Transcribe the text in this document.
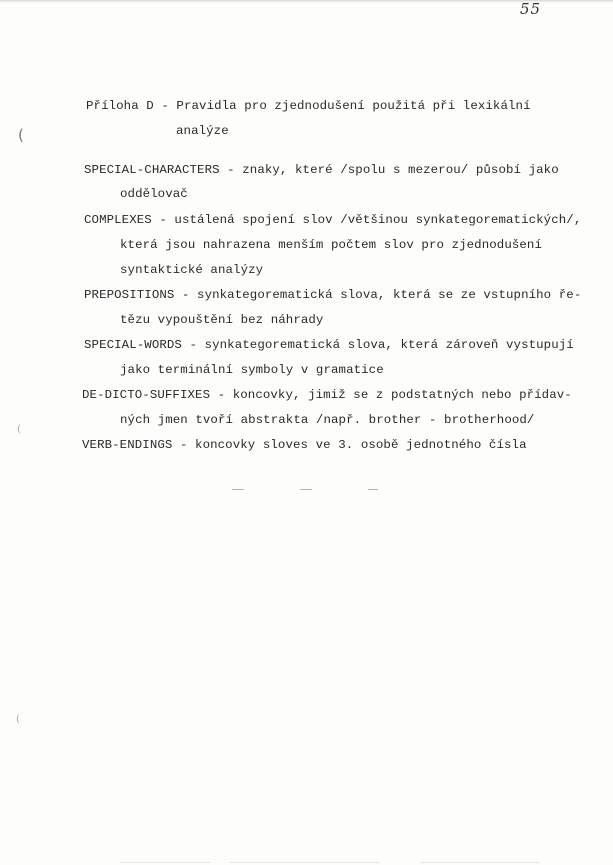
55
(
(
(
Příloha D - Pravidla pro zjednodušení použitá při lexikální
analýze
SPECIAL-CHARACTERS - znaky, které /spolu s mezerou/ působí jako
oddělovač
COMPLEXES - ustálená spojení slov /většinou synkategorematických/,
která jsou nahrazena menším počtem slov pro zjednodušení
syntaktické analýzy
PREPOSITIONS - synkategorematická slova, která se ze vstupního ře-
tězu vypouštění bez náhrady
SPECIAL-WORDS - synkategorematická slova, která zároveň vystupují
jako terminální symboly v gramatice
DE-DICTO-SUFFIXES - koncovky, jimiž se z podstatných nebo přídav-
ných jmen tvoří abstrakta /např. brother - brotherhood/
VERB-ENDINGS - koncovky sloves ve 3. osobě jednotného čísla
